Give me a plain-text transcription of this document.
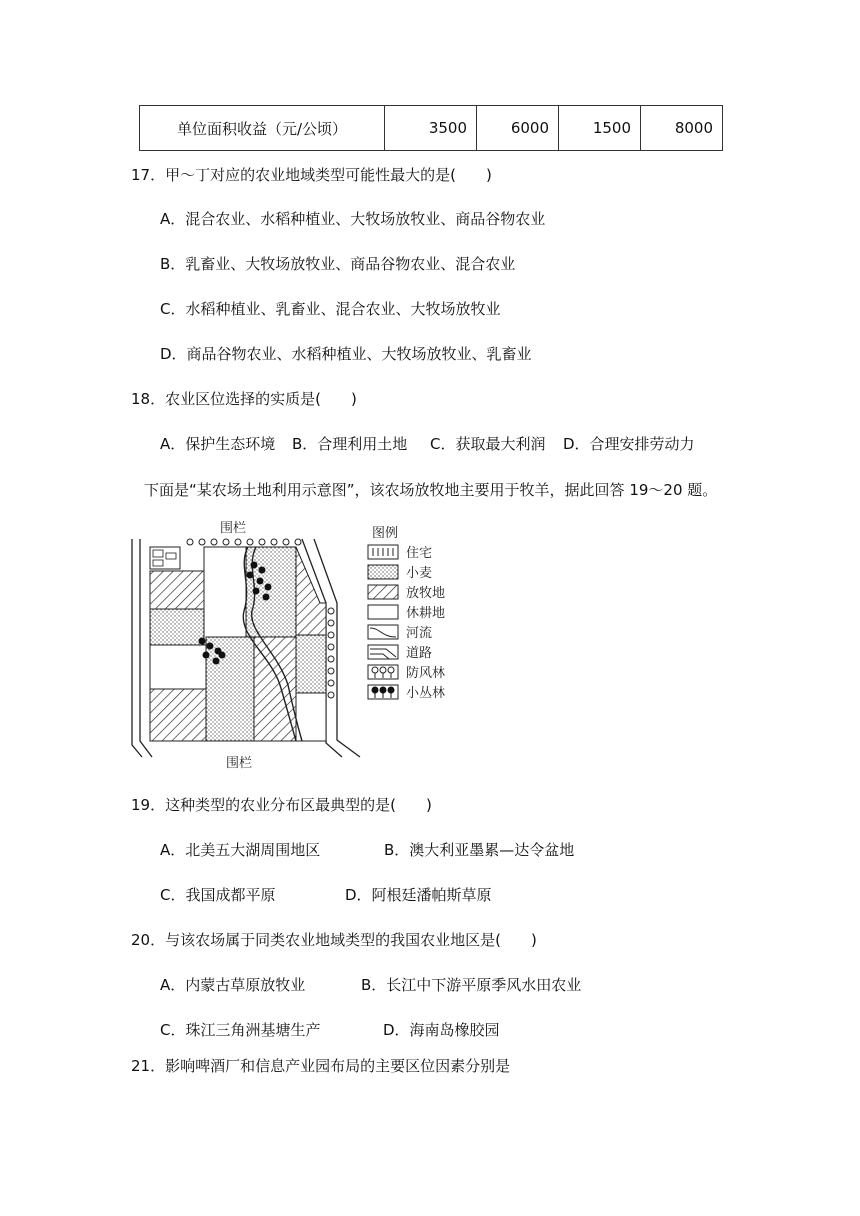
单位面积收益（元/公顷）	3500	6000	1500	8000
17．甲～丁对应的农业地域类型可能性最大的是(　　)
A．混合农业、水稻种植业、大牧场放牧业、商品谷物农业
B．乳畜业、大牧场放牧业、商品谷物农业、混合农业
C．水稻种植业、乳畜业、混合农业、大牧场放牧业
D．商品谷物农业、水稻种植业、大牧场放牧业、乳畜业
18．农业区位选择的实质是(　　)
A．保护生态环境 B．合理利用土地 C．获取最大利润 D．合理安排劳动力
下面是“某农场土地利用示意图”，该农场放牧地主要用于牧羊，据此回答 19～20 题。
围栏
围栏
图例
住宅
小麦
放牧地
休耕地
河流
道路
防风林
小丛林
19．这种类型的农业分布区最典型的是(　　)
A．北美五大湖周围地区	B．澳大利亚墨累—达令盆地
C．我国成都平原	D．阿根廷潘帕斯草原
20．与该农场属于同类农业地域类型的我国农业地区是(　　)
A．内蒙古草原放牧业	B．长江中下游平原季风水田农业
C．珠江三角洲基塘生产	D．海南岛橡胶园
21．影响啤酒厂和信息产业园布局的主要区位因素分别是
